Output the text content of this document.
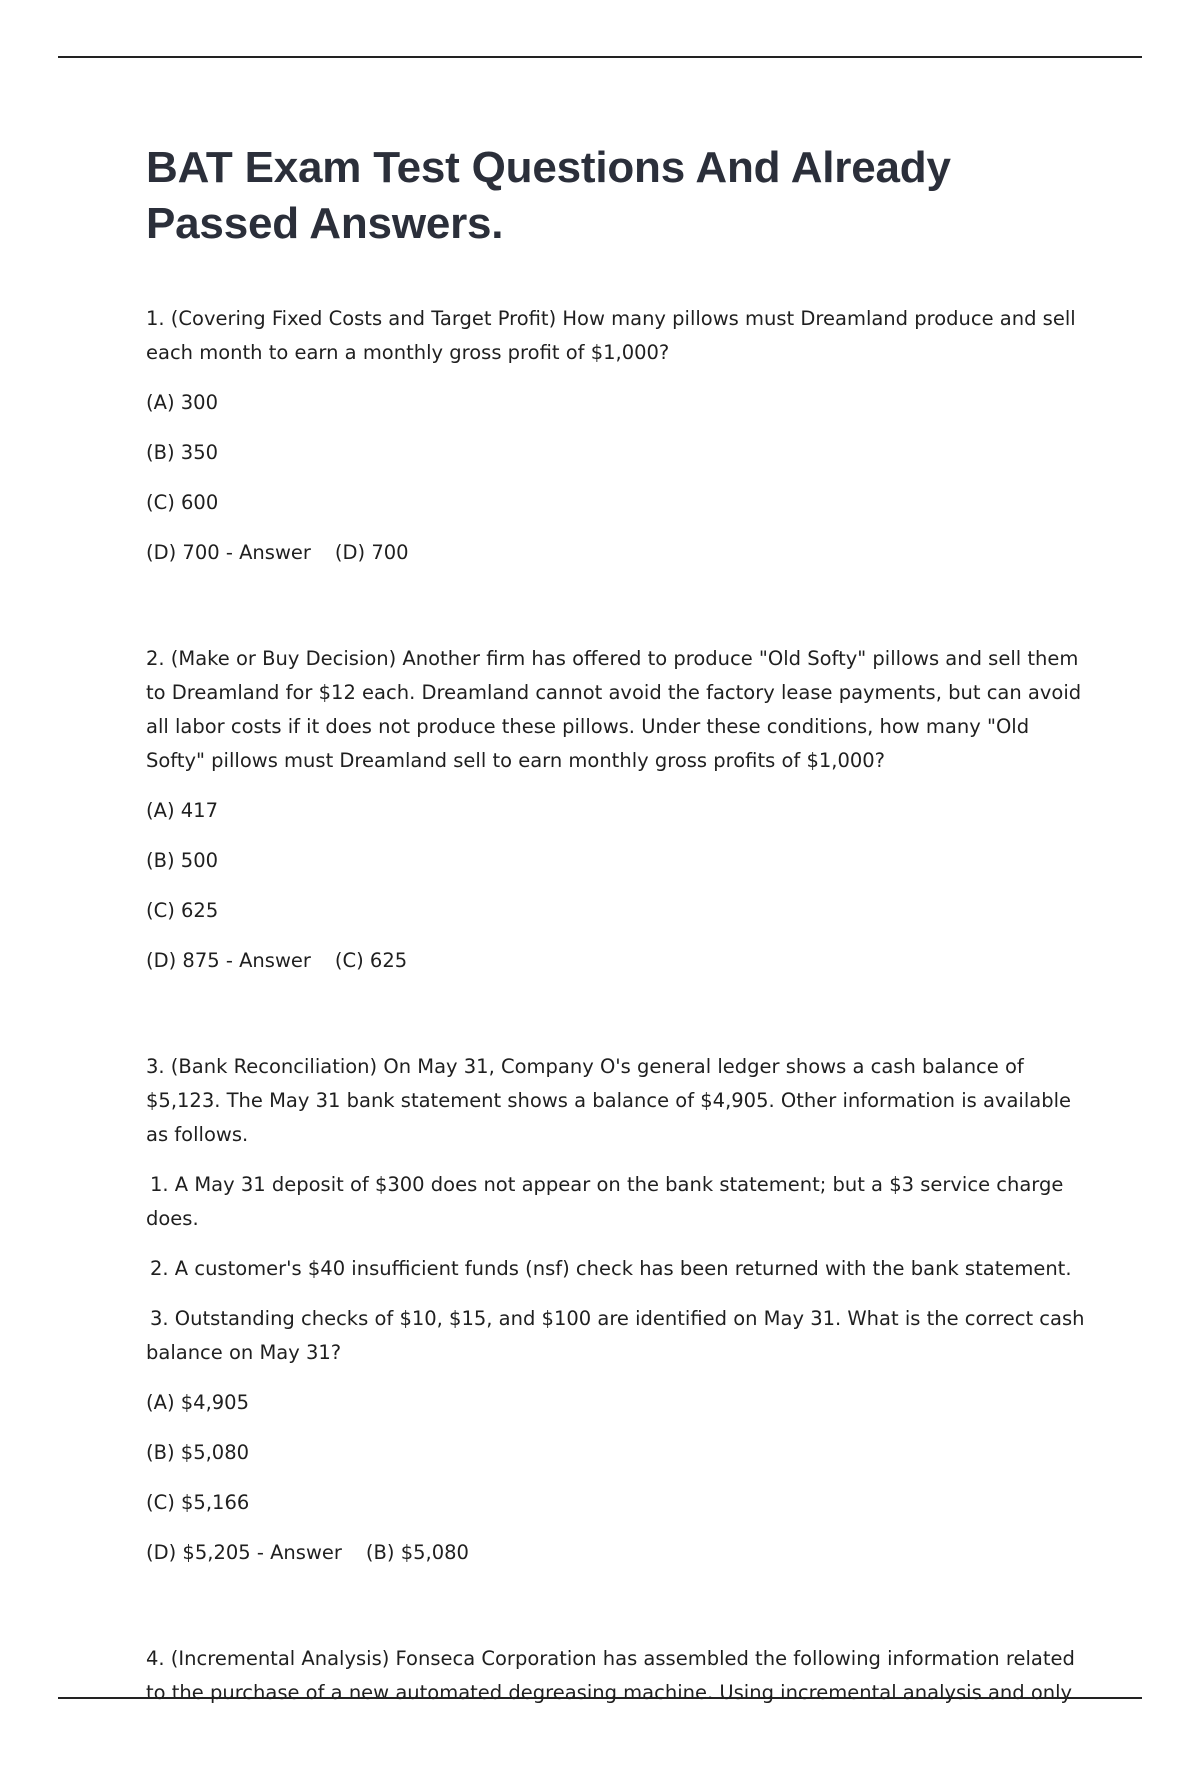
BAT Exam Test Questions And Already Passed Answers.

1. (Covering Fixed Costs and Target Profit) How many pillows must Dreamland produce and sell each month to earn a monthly gross profit of $1,000?

(A) 300

(B) 350

(C) 600

(D) 700 - Answer (D) 700

2. (Make or Buy Decision) Another firm has offered to produce "Old Softy" pillows and sell them to Dreamland for $12 each. Dreamland cannot avoid the factory lease payments, but can avoid all labor costs if it does not produce these pillows. Under these conditions, how many "Old Softy" pillows must Dreamland sell to earn monthly gross profits of $1,000?

(A) 417

(B) 500

(C) 625

(D) 875 - Answer (C) 625

3. (Bank Reconciliation) On May 31, Company O's general ledger shows a cash balance of $5,123. The May 31 bank statement shows a balance of $4,905. Other information is available as follows.

1. A May 31 deposit of $300 does not appear on the bank statement; but a $3 service charge does.

2. A customer's $40 insufficient funds (nsf) check has been returned with the bank statement.

3. Outstanding checks of $10, $15, and $100 are identified on May 31. What is the correct cash balance on May 31?

(A) $4,905

(B) $5,080

(C) $5,166

(D) $5,205 - Answer (B) $5,080

4. (Incremental Analysis) Fonseca Corporation has assembled the following information related to the purchase of a new automated degreasing machine. Using incremental analysis and only
